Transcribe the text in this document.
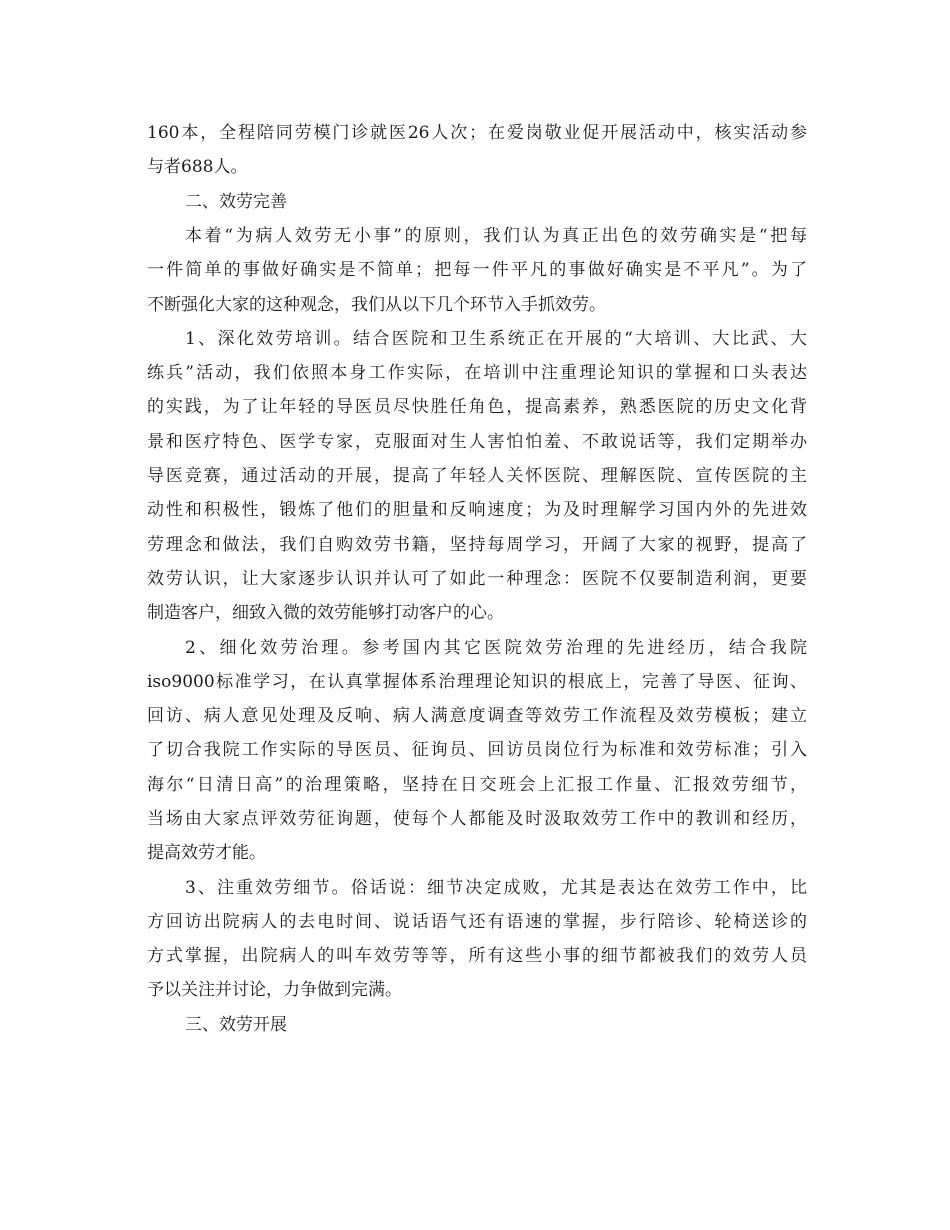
160本，全程陪同劳模门诊就医26人次；在爱岗敬业促开展活动中，核实活动参
与者688人。
二、效劳完善
本着“为病人效劳无小事”的原则，我们认为真正出色的效劳确实是“把每
一件简单的事做好确实是不简单；把每一件平凡的事做好确实是不平凡”。为了
不断强化大家的这种观念，我们从以下几个环节入手抓效劳。
1、深化效劳培训。结合医院和卫生系统正在开展的“大培训、大比武、大
练兵”活动，我们依照本身工作实际，在培训中注重理论知识的掌握和口头表达
的实践，为了让年轻的导医员尽快胜任角色，提高素养，熟悉医院的历史文化背
景和医疗特色、医学专家，克服面对生人害怕怕羞、不敢说话等，我们定期举办
导医竞赛，通过活动的开展，提高了年轻人关怀医院、理解医院、宣传医院的主
动性和积极性，锻炼了他们的胆量和反响速度；为及时理解学习国内外的先进效
劳理念和做法，我们自购效劳书籍，坚持每周学习，开阔了大家的视野，提高了
效劳认识，让大家逐步认识并认可了如此一种理念：医院不仅要制造利润，更要
制造客户，细致入微的效劳能够打动客户的心。
2、细化效劳治理。参考国内其它医院效劳治理的先进经历，结合我院
iso9000标准学习，在认真掌握体系治理理论知识的根底上，完善了导医、征询、
回访、病人意见处理及反响、病人满意度调查等效劳工作流程及效劳模板；建立
了切合我院工作实际的导医员、征询员、回访员岗位行为标准和效劳标准；引入
海尔“日清日高”的治理策略，坚持在日交班会上汇报工作量、汇报效劳细节，
当场由大家点评效劳征询题，使每个人都能及时汲取效劳工作中的教训和经历，
提高效劳才能。
3、注重效劳细节。俗话说：细节决定成败，尤其是表达在效劳工作中，比
方回访出院病人的去电时间、说话语气还有语速的掌握，步行陪诊、轮椅送诊的
方式掌握，出院病人的叫车效劳等等，所有这些小事的细节都被我们的效劳人员
予以关注并讨论，力争做到完满。
三、效劳开展
